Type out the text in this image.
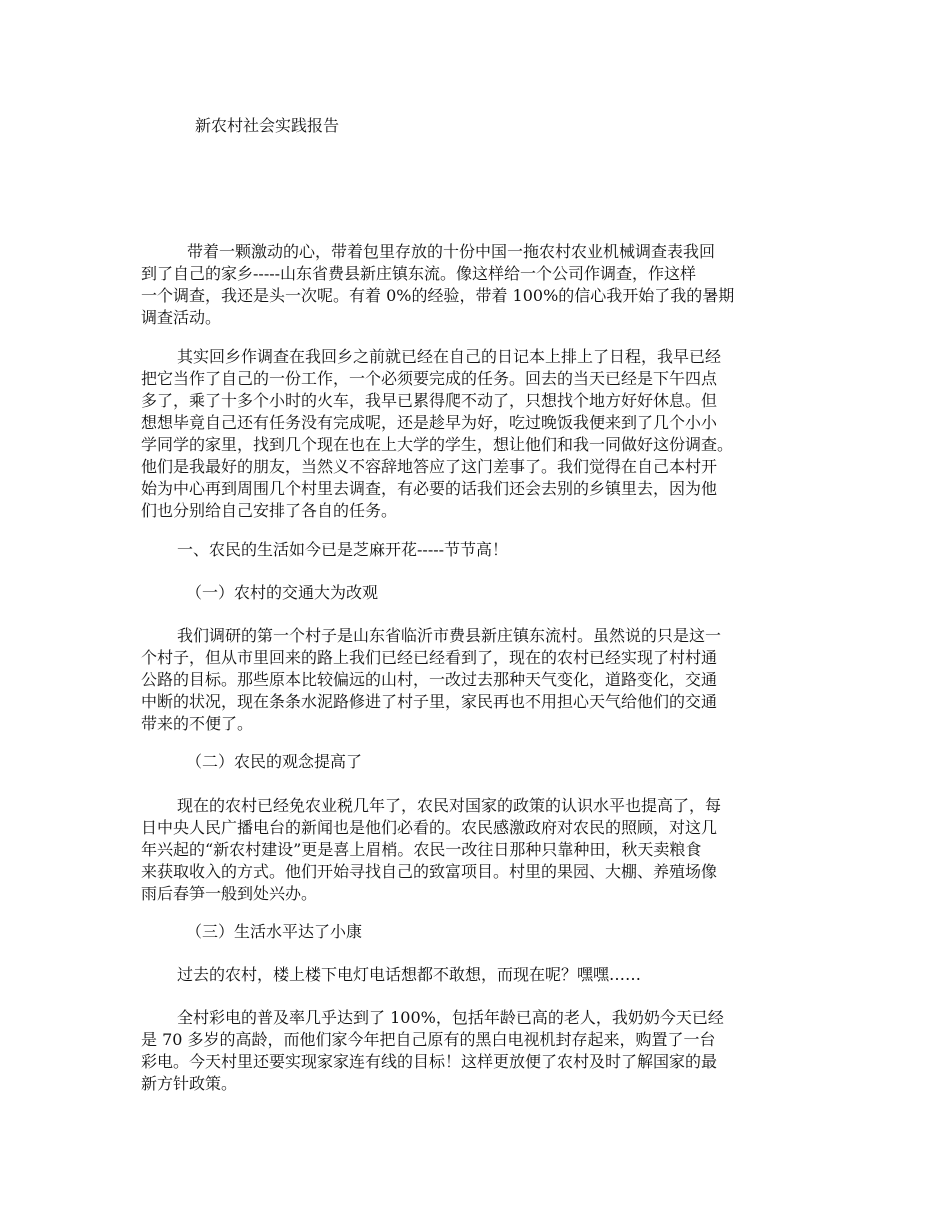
新农村社会实践报告
带着一颗激动的心，带着包里存放的十份中国一拖农村农业机械调查表我回
到了自己的家乡-----山东省费县新庄镇东流。像这样给一个公司作调查，作这样
一个调查，我还是头一次呢。有着 0%的经验，带着 100%的信心我开始了我的暑期
调查活动。
其实回乡作调查在我回乡之前就已经在自己的日记本上排上了日程，我早已经
把它当作了自己的一份工作，一个必须要完成的任务。回去的当天已经是下午四点
多了，乘了十多个小时的火车，我早已累得爬不动了，只想找个地方好好休息。但
想想毕竟自己还有任务没有完成呢，还是趁早为好，吃过晚饭我便来到了几个小小
学同学的家里，找到几个现在也在上大学的学生，想让他们和我一同做好这份调查。
他们是我最好的朋友，当然义不容辞地答应了这门差事了。我们觉得在自己本村开
始为中心再到周围几个村里去调查，有必要的话我们还会去别的乡镇里去，因为他
们也分别给自己安排了各自的任务。
一、农民的生活如今已是芝麻开花-----节节高！
（一）农村的交通大为改观
我们调研的第一个村子是山东省临沂市费县新庄镇东流村。虽然说的只是这一
个村子，但从市里回来的路上我们已经已经看到了，现在的农村已经实现了村村通
公路的目标。那些原本比较偏远的山村，一改过去那种天气变化，道路变化，交通
中断的状况，现在条条水泥路修进了村子里，家民再也不用担心天气给他们的交通
带来的不便了。
（二）农民的观念提高了
现在的农村已经免农业税几年了，农民对国家的政策的认识水平也提高了，每
日中央人民广播电台的新闻也是他们必看的。农民感激政府对农民的照顾，对这几
年兴起的“新农村建设”更是喜上眉梢。农民一改往日那种只靠种田，秋天卖粮食
来获取收入的方式。他们开始寻找自己的致富项目。村里的果园、大棚、养殖场像
雨后春笋一般到处兴办。
（三）生活水平达了小康
过去的农村，楼上楼下电灯电话想都不敢想，而现在呢？嘿嘿……
全村彩电的普及率几乎达到了 100%，包括年龄已高的老人，我奶奶今天已经
是 70 多岁的高龄，而他们家今年把自己原有的黑白电视机封存起来，购置了一台
彩电。今天村里还要实现家家连有线的目标！这样更放便了农村及时了解国家的最
新方针政策。
